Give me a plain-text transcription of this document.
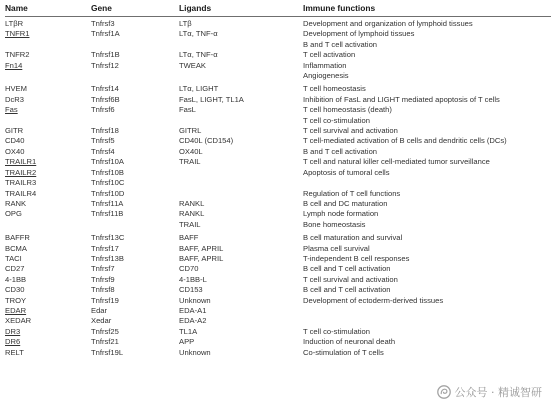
Name	Gene	Ligands	Immune functions
LTβR	Tnfrsf3	LTβ	Development and organization of lymphoid tissues
TNFR1	Tnfrsf1A	LTα, TNF-α	Development of lymphoid tissues
			B and T cell activation
TNFR2	Tnfrsf1B	LTα, TNF-α	T cell activation
Fn14	Tnfrsf12	TWEAK	Inflammation
			Angiogenesis
HVEM	Tnfrsf14	LTα, LIGHT	T cell homeostasis
DcR3	Tnfrsf6B	FasL, LIGHT, TL1A	Inhibition of FasL and LIGHT mediated apoptosis of T cells
Fas	Tnfrsf6	FasL	T cell homeostasis (death)
			T cell co-stimulation
GITR	Tnfrsf18	GITRL	T cell survival and activation
CD40	Tnfrsf5	CD40L (CD154)	T cell-mediated activation of B cells and dendritic cells (DCs)
OX40	Tnfrsf4	OX40L	B and T cell activation
TRAILR1	Tnfrsf10A	TRAIL	T cell and natural killer cell-mediated tumor surveillance
TRAILR2	Tnfrsf10B		Apoptosis of tumoral cells
TRAILR3	Tnfrsf10C		
TRAILR4	Tnfrsf10D		Regulation of T cell functions
RANK	Tnfrsf11A	RANKL	B cell and DC maturation
OPG	Tnfrsf11B	RANKL	Lymph node formation
		TRAIL	Bone homeostasis
BAFFR	Tnfrsf13C	BAFF	B cell maturation and survival
BCMA	Tnfrsf17	BAFF, APRIL	Plasma cell survival
TACI	Tnfrsf13B	BAFF, APRIL	T-independent B cell responses
CD27	Tnfrsf7	CD70	B cell and T cell activation
4-1BB	Tnfrsf9	4-1BB-L	T cell survival and activation
CD30	Tnfrsf8	CD153	B cell and T cell activation
TROY	Tnfrsf19	Unknown	Development of ectoderm-derived tissues
EDAR	Edar	EDA-A1	
XEDAR	Xedar	EDA-A2	
DR3	Tnfrsf25	TL1A	T cell co-stimulation
DR6	Tnfrsf21	APP	Induction of neuronal death
RELT	Tnfrsf19L	Unknown	Co-stimulation of T cells
公众号 · 精诚智研
